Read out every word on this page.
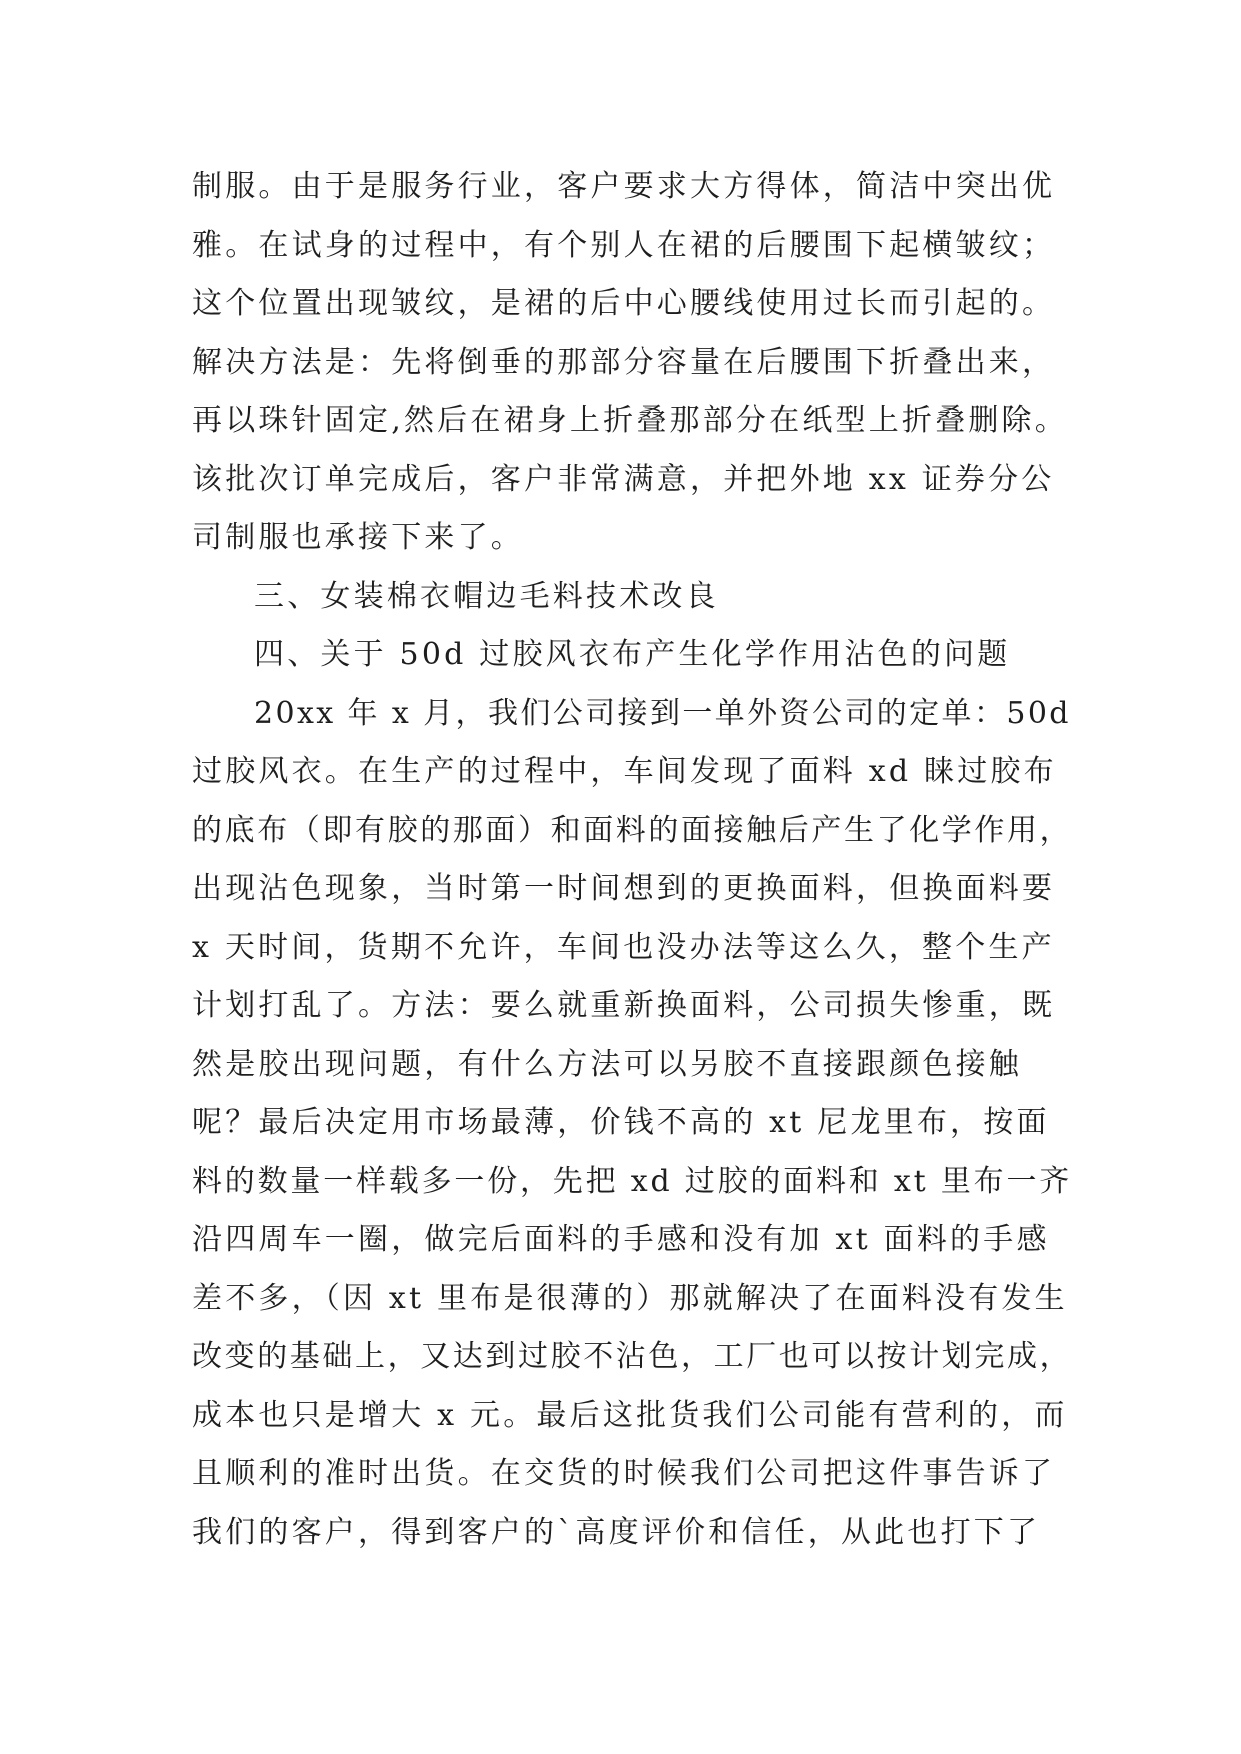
制服。由于是服务行业，客户要求大方得体，简洁中突出优
雅。在试身的过程中，有个别人在裙的后腰围下起横皱纹；
这个位置出现皱纹，是裙的后中心腰线使用过长而引起的。
解决方法是：先将倒垂的那部分容量在后腰围下折叠出来，
再以珠针固定,然后在裙身上折叠那部分在纸型上折叠删除。
该批次订单完成后，客户非常满意，并把外地 xx 证券分公
司制服也承接下来了。
三、女装棉衣帽边毛料技术改良
四、关于 50d 过胶风衣布产生化学作用沾色的问题
20xx 年 x 月，我们公司接到一单外资公司的定单：50d
过胶风衣。在生产的过程中，车间发现了面料 xd 睐过胶布
的底布（即有胶的那面）和面料的面接触后产生了化学作用，
出现沾色现象，当时第一时间想到的更换面料，但换面料要
x 天时间，货期不允许，车间也没办法等这么久，整个生产
计划打乱了。方法：要么就重新换面料，公司损失惨重，既
然是胶出现问题，有什么方法可以另胶不直接跟颜色接触
呢？最后决定用市场最薄，价钱不高的 xt 尼龙里布，按面
料的数量一样载多一份，先把 xd 过胶的面料和 xt 里布一齐
沿四周车一圈，做完后面料的手感和没有加 xt 面料的手感
差不多，（因 xt 里布是很薄的）那就解决了在面料没有发生
改变的基础上，又达到过胶不沾色，工厂也可以按计划完成，
成本也只是增大 x 元。最后这批货我们公司能有营利的，而
且顺利的准时出货。在交货的时候我们公司把这件事告诉了
我们的客户，得到客户的`高度评价和信任，从此也打下了
